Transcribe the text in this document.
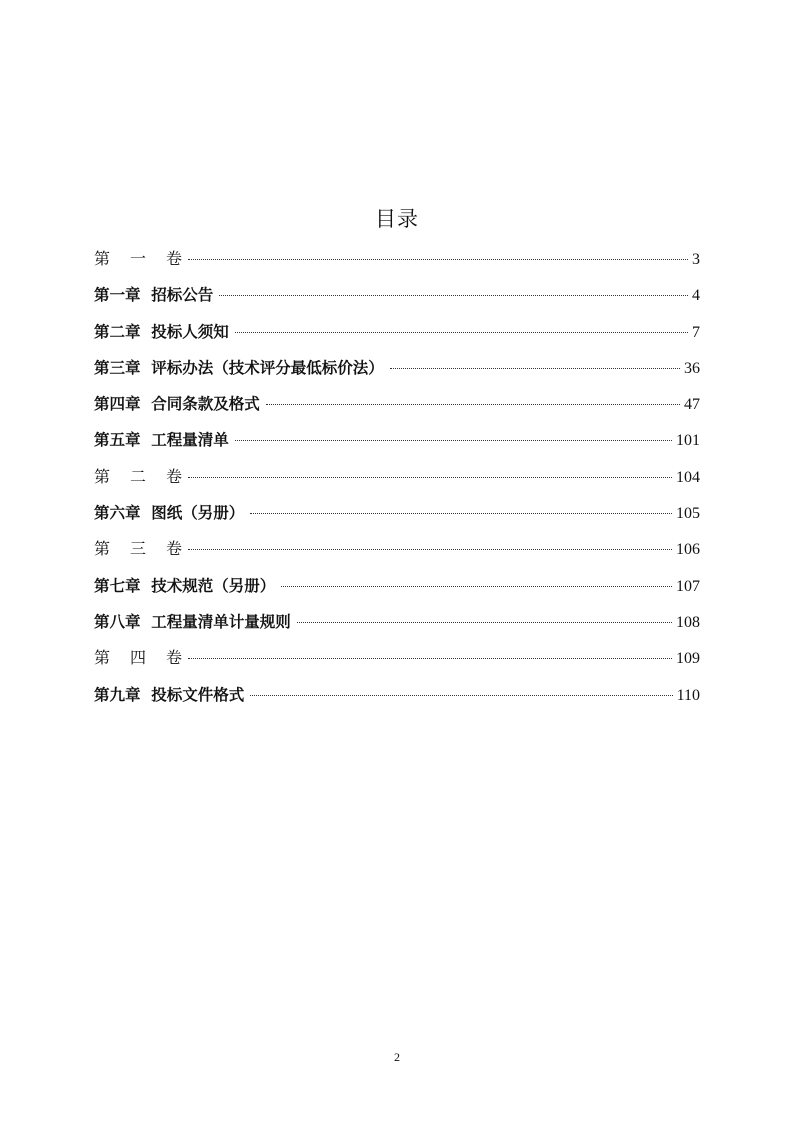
目录
第 一 卷	3
第一章  招标公告	4
第二章  投标人须知	7
第三章  评标办法（技术评分最低标价法）	36
第四章  合同条款及格式	47
第五章  工程量清单	101
第 二 卷	104
第六章  图纸（另册）	105
第 三 卷	106
第七章  技术规范（另册）	107
第八章  工程量清单计量规则	108
第 四 卷	109
第九章  投标文件格式	110
2
